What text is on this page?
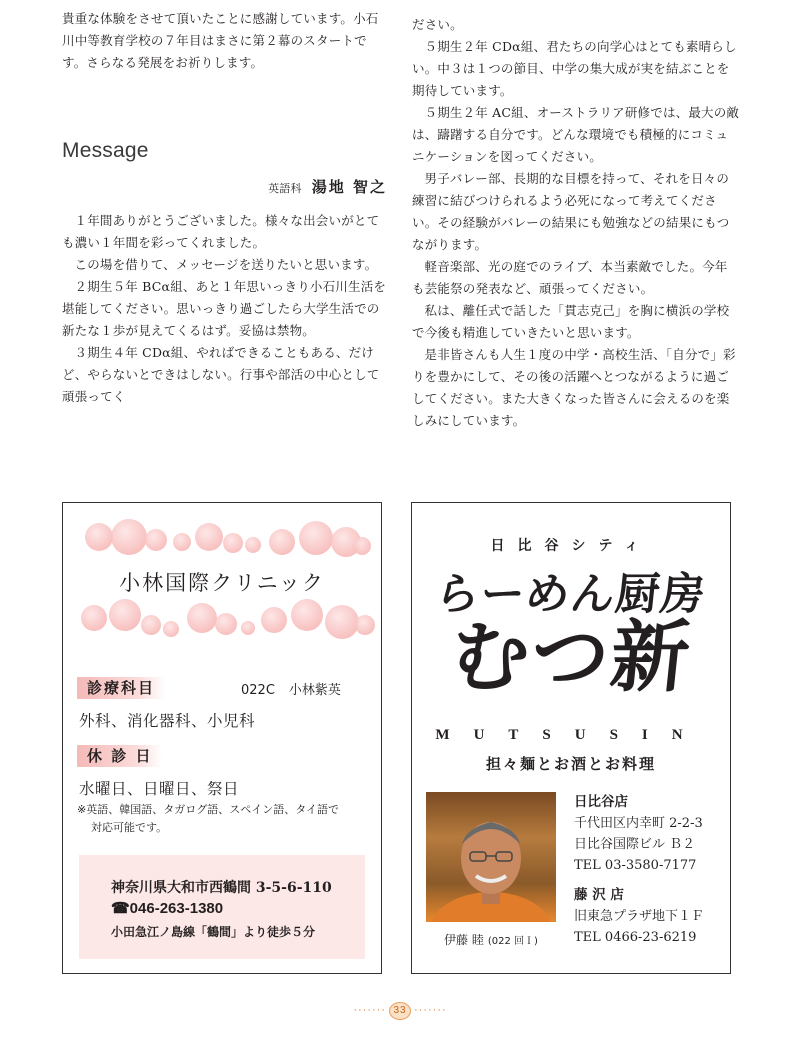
貴重な体験をさせて頂いたことに感謝しています。小石川中等教育学校の７年目はまさに第２幕のスタートです。さらなる発展をお祈りします。

Message

英語科 湯地 智之

１年間ありがとうございました。様々な出会いがとても濃い１年間を彩ってくれました。

この場を借りて、メッセージを送りたいと思います。

２期生５年 BCα組、あと１年思いっきり小石川生活を堪能してください。思いっきり過ごしたら大学生活での新たな１歩が見えてくるはず。妥協は禁物。

３期生４年 CDα組、やればできることもある、だけど、やらないとできはしない。行事や部活の中心として頑張ってく

ださい。

５期生２年 CDα組、君たちの向学心はとても素晴らしい。中３は１つの節目、中学の集大成が実を結ぶことを期待しています。

５期生２年 AC組、オーストラリア研修では、最大の敵は、躊躇する自分です。どんな環境でも積極的にコミュニケーションを図ってください。

男子バレー部、長期的な目標を持って、それを日々の練習に結びつけられるよう必死になって考えてください。その経験がバレーの結果にも勉強などの結果にもつながります。

軽音楽部、光の庭でのライブ、本当素敵でした。今年も芸能祭の発表など、頑張ってください。

私は、離任式で話した「貫志克己」を胸に横浜の学校で今後も精進していきたいと思います。

是非皆さんも人生１度の中学・高校生活、「自分で」彩りを豊かにして、その後の活躍へとつながるように過ごしてください。また大きくなった皆さんに会えるのを楽しみにしています。

小林国際クリニック
診療科目	022C 小林紫英
外科、消化器科、小児科
休 診 日
水曜日、日曜日、祭日
※英語、韓国語、タガログ語、スペイン語、タイ語で
対応可能です。
神奈川県大和市西鶴間 3-5-6-110
☎046-263-1380
小田急江ノ島線「鶴間」より徒歩５分
日比谷シティ
らーめん厨房
むつ新
MUTSUSIN
担々麺とお酒とお料理
伊藤 睦 (022 回Ｉ)
日比谷店
千代田区内幸町 2-2-3
日比谷国際ビル Ｂ２
TEL 03-3580-7177
藤 沢 店
旧東急プラザ地下１Ｆ
TEL 0466-23-6219
······· 33 ·······
